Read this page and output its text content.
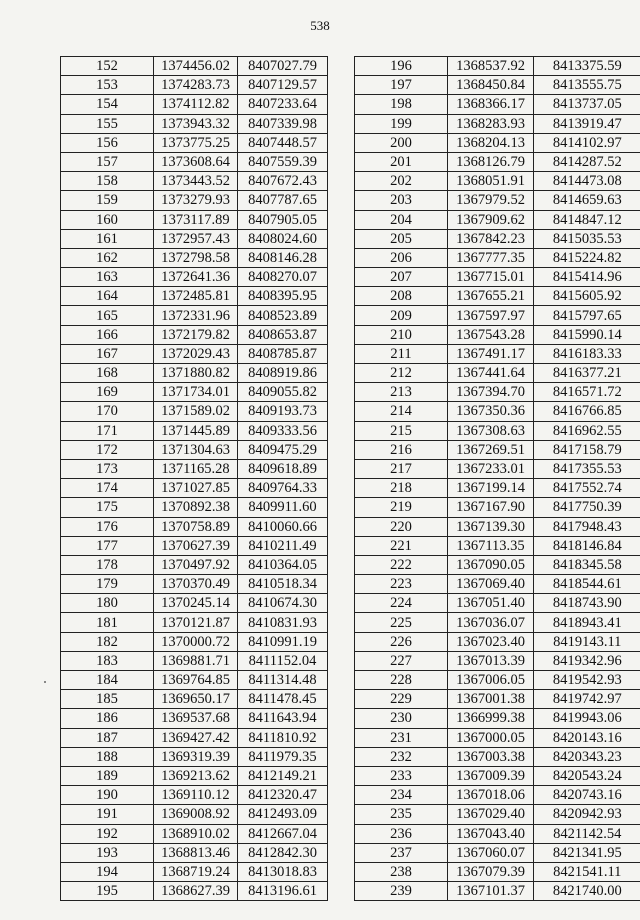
538
152	1374456.02	8407027.79
153	1374283.73	8407129.57
154	1374112.82	8407233.64
155	1373943.32	8407339.98
156	1373775.25	8407448.57
157	1373608.64	8407559.39
158	1373443.52	8407672.43
159	1373279.93	8407787.65
160	1373117.89	8407905.05
161	1372957.43	8408024.60
162	1372798.58	8408146.28
163	1372641.36	8408270.07
164	1372485.81	8408395.95
165	1372331.96	8408523.89
166	1372179.82	8408653.87
167	1372029.43	8408785.87
168	1371880.82	8408919.86
169	1371734.01	8409055.82
170	1371589.02	8409193.73
171	1371445.89	8409333.56
172	1371304.63	8409475.29
173	1371165.28	8409618.89
174	1371027.85	8409764.33
175	1370892.38	8409911.60
176	1370758.89	8410060.66
177	1370627.39	8410211.49
178	1370497.92	8410364.05
179	1370370.49	8410518.34
180	1370245.14	8410674.30
181	1370121.87	8410831.93
182	1370000.72	8410991.19
183	1369881.71	8411152.04
184	1369764.85	8411314.48
185	1369650.17	8411478.45
186	1369537.68	8411643.94
187	1369427.42	8411810.92
188	1369319.39	8411979.35
189	1369213.62	8412149.21
190	1369110.12	8412320.47
191	1369008.92	8412493.09
192	1368910.02	8412667.04
193	1368813.46	8412842.30
194	1368719.24	8413018.83
195	1368627.39	8413196.61
196	1368537.92	8413375.59
197	1368450.84	8413555.75
198	1368366.17	8413737.05
199	1368283.93	8413919.47
200	1368204.13	8414102.97
201	1368126.79	8414287.52
202	1368051.91	8414473.08
203	1367979.52	8414659.63
204	1367909.62	8414847.12
205	1367842.23	8415035.53
206	1367777.35	8415224.82
207	1367715.01	8415414.96
208	1367655.21	8415605.92
209	1367597.97	8415797.65
210	1367543.28	8415990.14
211	1367491.17	8416183.33
212	1367441.64	8416377.21
213	1367394.70	8416571.72
214	1367350.36	8416766.85
215	1367308.63	8416962.55
216	1367269.51	8417158.79
217	1367233.01	8417355.53
218	1367199.14	8417552.74
219	1367167.90	8417750.39
220	1367139.30	8417948.43
221	1367113.35	8418146.84
222	1367090.05	8418345.58
223	1367069.40	8418544.61
224	1367051.40	8418743.90
225	1367036.07	8418943.41
226	1367023.40	8419143.11
227	1367013.39	8419342.96
228	1367006.05	8419542.93
229	1367001.38	8419742.97
230	1366999.38	8419943.06
231	1367000.05	8420143.16
232	1367003.38	8420343.23
233	1367009.39	8420543.24
234	1367018.06	8420743.16
235	1367029.40	8420942.93
236	1367043.40	8421142.54
237	1367060.07	8421341.95
238	1367079.39	8421541.11
239	1367101.37	8421740.00
